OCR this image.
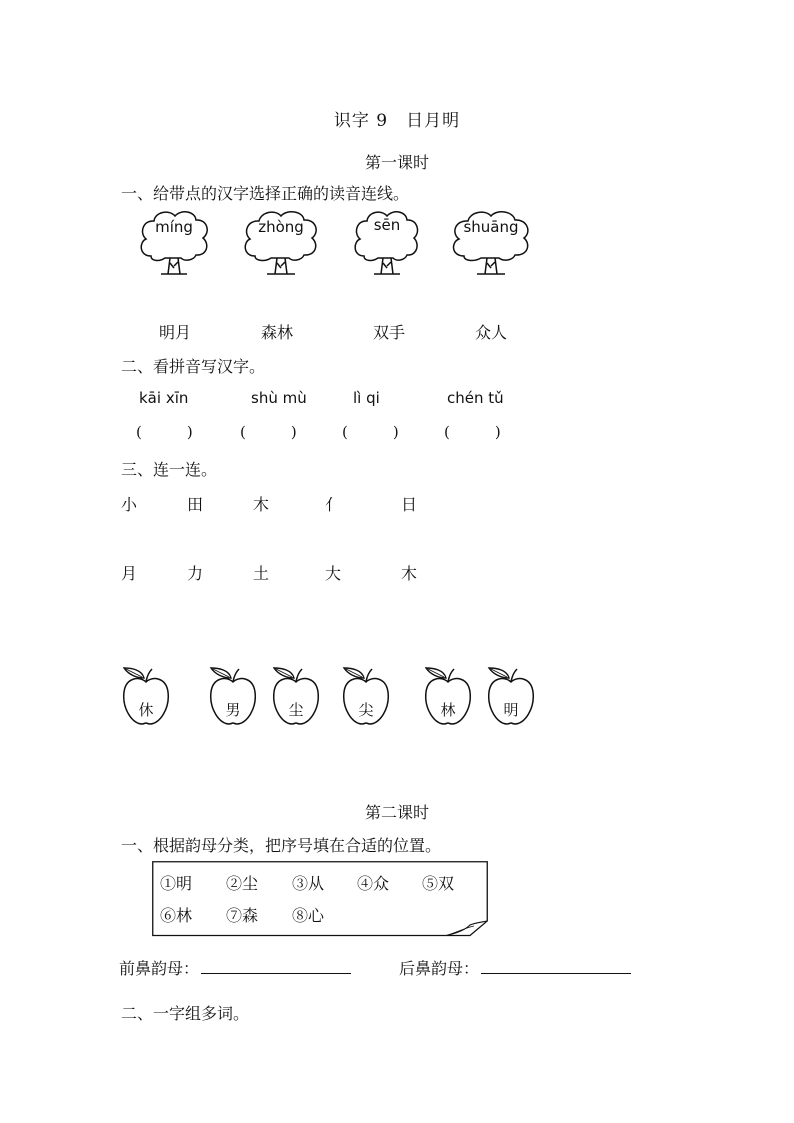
识字 9　日月明
第一课时
一、给带点的汉字选择正确的读音连线。
míng	zhòng	sēn	shuāng
明月	森林	双手	众人
二、看拼音写汉字。
kāi xīn	shù mù	lì qi	chén tǔ
(　　　)	(　　　)	(　　　)	(　　　)
三、连一连。
小	田	木	亻	日
月	力	土	大	木
休	男	尘	尖	林	明
第二课时
一、根据韵母分类，把序号填在合适的位置。
①明 ②尘 ③从 ④众 ⑤双
⑥林 ⑦森 ⑧心
前鼻韵母：	后鼻韵母：
二、一字组多词。
